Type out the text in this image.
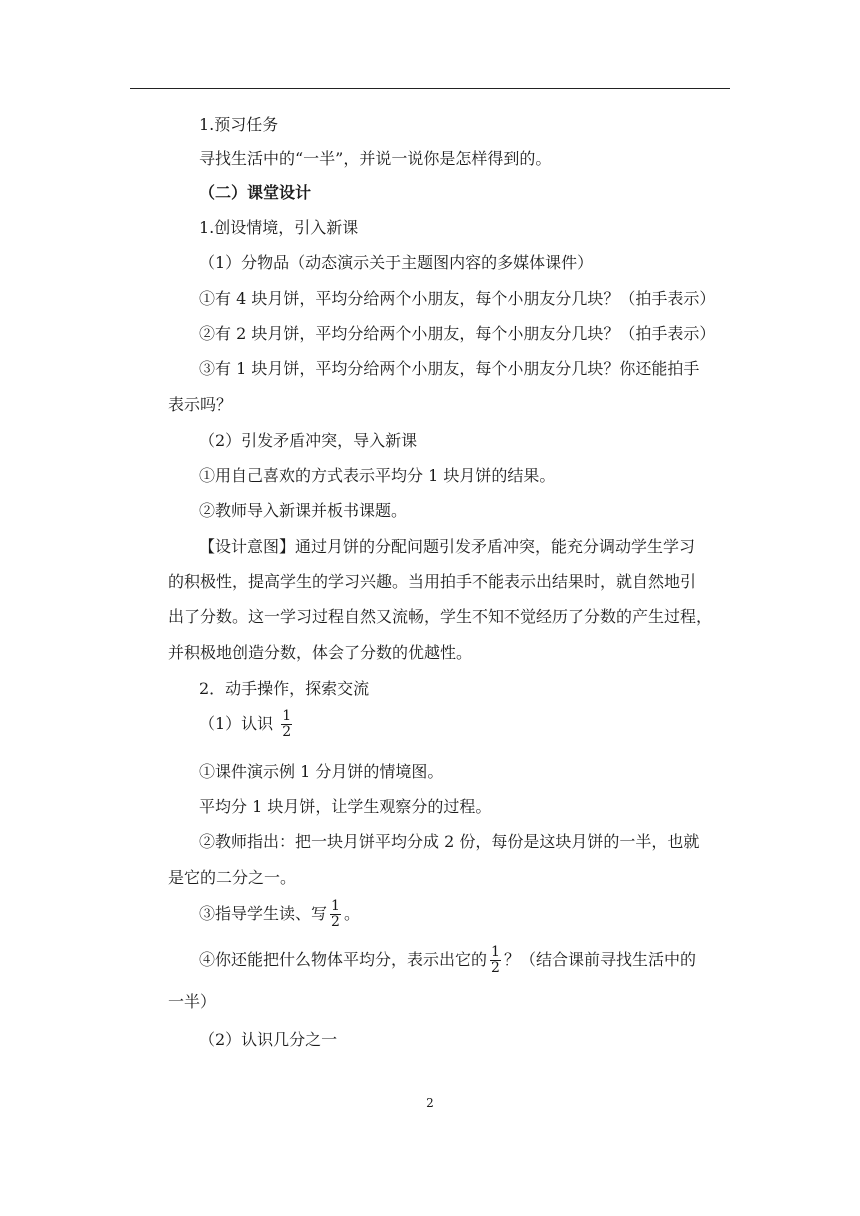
1.预习任务
寻找生活中的“一半”，并说一说你是怎样得到的。
（二）课堂设计
1.创设情境，引入新课
（1）分物品（动态演示关于主题图内容的多媒体课件）
①有 4 块月饼，平均分给两个小朋友，每个小朋友分几块？（拍手表示）
②有 2 块月饼，平均分给两个小朋友，每个小朋友分几块？（拍手表示）
③有 1 块月饼，平均分给两个小朋友，每个小朋友分几块？你还能拍手
表示吗？
（2）引发矛盾冲突，导入新课
①用自己喜欢的方式表示平均分 1 块月饼的结果。
②教师导入新课并板书课题。
【设计意图】通过月饼的分配问题引发矛盾冲突，能充分调动学生学习
的积极性，提高学生的学习兴趣。当用拍手不能表示出结果时，就自然地引
出了分数。这一学习过程自然又流畅，学生不知不觉经历了分数的产生过程，
并积极地创造分数，体会了分数的优越性。
2．动手操作，探索交流
（1）认识 $\frac{1}{2}$
①课件演示例 1 分月饼的情境图。
平均分 1 块月饼，让学生观察分的过程。
②教师指出：把一块月饼平均分成 2 份，每份是这块月饼的一半，也就
是它的二分之一。
③指导学生读、写 $\frac{1}{2}$ 。
④你还能把什么物体平均分，表示出它的 $\frac{1}{2}$ ？（结合课前寻找生活中的
一半）
（2）认识几分之一
2
